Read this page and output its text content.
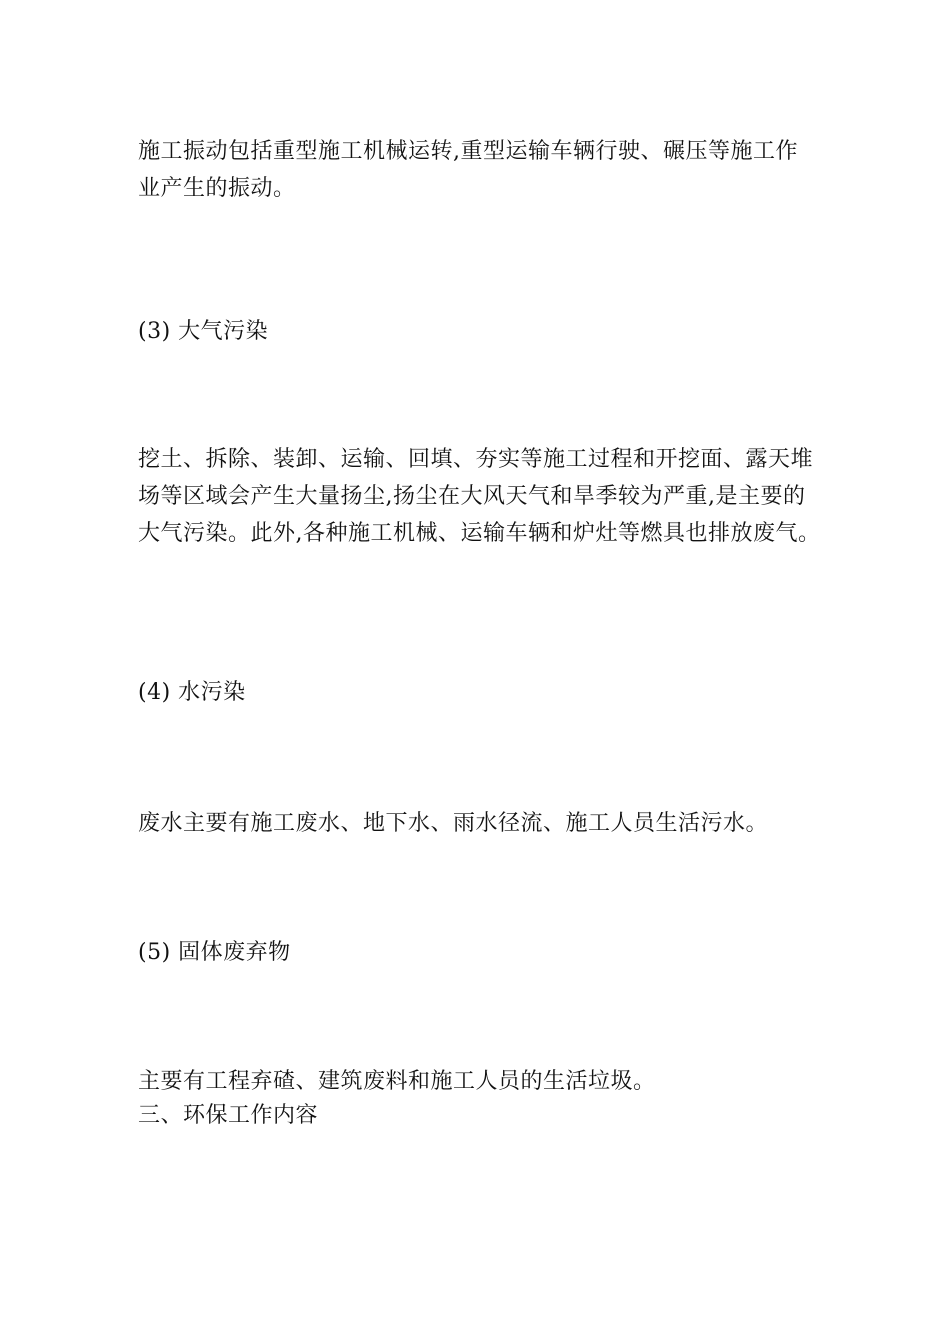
施工振动包括重型施工机械运转,重型运输车辆行驶、碾压等施工作
业产生的振动。
(3) 大气污染
挖土、拆除、装卸、运输、回填、夯实等施工过程和开挖面、露天堆
场等区域会产生大量扬尘,扬尘在大风天气和旱季较为严重,是主要的
大气污染。此外,各种施工机械、运输车辆和炉灶等燃具也排放废气。
(4) 水污染
废水主要有施工废水、地下水、雨水径流、施工人员生活污水。
(5) 固体废弃物
主要有工程弃碴、建筑废料和施工人员的生活垃圾。
三、环保工作内容
